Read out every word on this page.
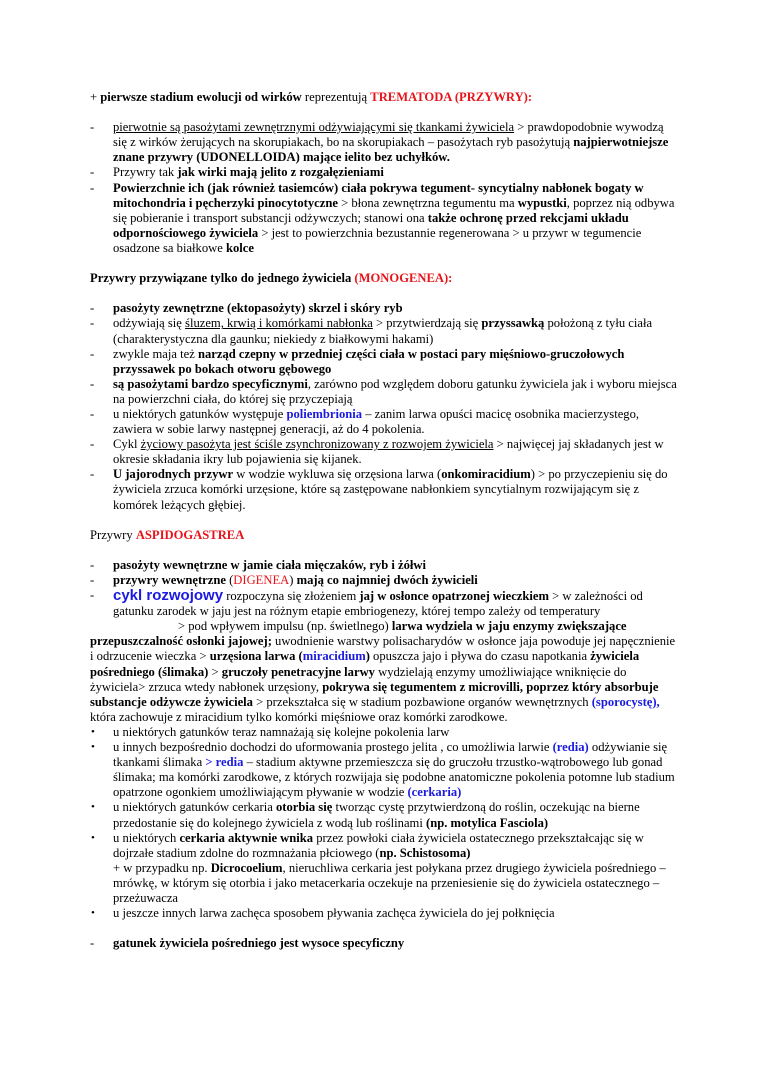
+ pierwsze stadium ewolucji od wirków reprezentują TREMATODA (PRZYWRY):
- pierwotnie są pasożytami zewnętrznymi odżywiającymi się tkankami żywiciela > prawdopodobnie wywodzą się z wirków żerujących na skorupiakach, bo na skorupiakach – pasożytach ryb pasożytują najpierwotniejsze znane przywry (UDONELLOIDA) mające ielito bez uchyłków.
- Przywry tak jak wirki mają jelito z rozgałęzieniami
- Powierzchnie ich (jak również tasiemców) ciała pokrywa tegument- syncytialny nabłonek bogaty w mitochondria i pęcherzyki pinocytotyczne > błona zewnętrzna tegumentu ma wypustki, poprzez nią odbywa się pobieranie i transport substancji odżywczych; stanowi ona także ochronę przed rekcjami układu odpornościowego żywiciela > jest to powierzchnia bezustannie regenerowana > u przywr w tegumencie osadzone sa białkowe kolce
Przywry przywiązane tylko do jednego żywiciela (MONOGENEA):
- pasożyty zewnętrzne (ektopasożyty) skrzel i skóry ryb
- odżywiają się śluzem, krwią i komórkami nabłonka > przytwierdzają się przyssawką położoną z tyłu ciała (charakterystyczna dla gaunku; niekiedy z białkowymi hakami)
- zwykle maja też narząd czepny w przedniej części ciała w postaci pary mięśniowo-gruczołowych przyssawek po bokach otworu gębowego
- są pasożytami bardzo specyficznymi, zarówno pod względem doboru gatunku żywiciela jak i wyboru miejsca na powierzchni ciała, do której się przyczepiają
- u niektórych gatunków występuje poliembrionia – zanim larwa opuści macicę osobnika macierzystego, zawiera w sobie larwy następnej generacji, aż do 4 pokolenia.
- Cykl życiowy pasożyta jest ściśle zsynchronizowany z rozwojem żywiciela > najwięcej jaj składanych jest w okresie składania ikry lub pojawienia się kijanek.
- U jajorodnych przywr w wodzie wykluwa się orzęsiona larwa (onkomiracidium) > po przyczepieniu się do żywiciela zrzuca komórki urzęsione, które są zastępowane nabłonkiem syncytialnym rozwijającym się z komórek leżących głębiej.
Przywry ASPIDOGASTREA
- pasożyty wewnętrzne w jamie ciała mięczaków, ryb i żółwi
- przywry wewnętrzne (DIGENEA) mają co najmniej dwóch żywicieli
- cykl rozwojowy rozpoczyna się złożeniem jaj w osłonce opatrzonej wieczkiem > w zależności od gatunku zarodek w jaju jest na różnym etapie embriogenezy, której tempo zależy od temperatury
> pod wpływem impulsu (np. świetlnego) larwa wydziela w jaju enzymy zwiększające przepuszczalność osłonki jajowej; uwodnienie warstwy polisacharydów w osłonce jaja powoduje jej napęcznienie i odrzucenie wieczka > urzęsiona larwa (miracidium) opuszcza jajo i pływa do czasu napotkania żywiciela pośredniego (ślimaka) > gruczoły penetracyjne larwy wydzielają enzymy umożliwiające wniknięcie do żywiciela> zrzuca wtedy nabłonek urzęsiony, pokrywa się tegumentem z microvilli, poprzez który absorbuje substancje odżywcze żywiciela > przekształca się w stadium pozbawione organów wewnętrznych (sporocystę), która zachowuje z miracidium tylko komórki mięśniowe oraz komórki zarodkowe.
• u niektórych gatunków teraz namnażają się kolejne pokolenia larw
• u innych bezpośrednio dochodzi do uformowania prostego jelita , co umożliwia larwie (redia) odżywianie się tkankami ślimaka > redia – stadium aktywne przemieszcza się do gruczołu trzustko-wątrobowego lub gonad ślimaka; ma komórki zarodkowe, z których rozwijaja się podobne anatomiczne pokolenia potomne lub stadium opatrzone ogonkiem umożliwiającym pływanie w wodzie (cerkaria)
• u niektórych gatunków cerkaria otorbia się tworząc cystę przytwierdzoną do roślin, oczekując na bierne przedostanie się do kolejnego żywiciela z wodą lub roślinami (np. motylica Fasciola)
• u niektórych cerkaria aktywnie wnika przez powłoki ciała żywiciela ostatecznego przekształcając się w dojrzałe stadium zdolne do rozmnażania płciowego (np. Schistosoma)
+ w przypadku np. Dicrocoelium, nieruchliwa cerkaria jest połykana przez drugiego żywiciela pośredniego – mrówkę, w którym się otorbia i jako metacerkaria oczekuje na przeniesienie się do żywiciela ostatecznego – przeżuwacza
• u jeszcze innych larwa zachęca sposobem pływania zachęca żywiciela do jej połknięcia
- gatunek żywiciela pośredniego jest wysoce specyficzny
